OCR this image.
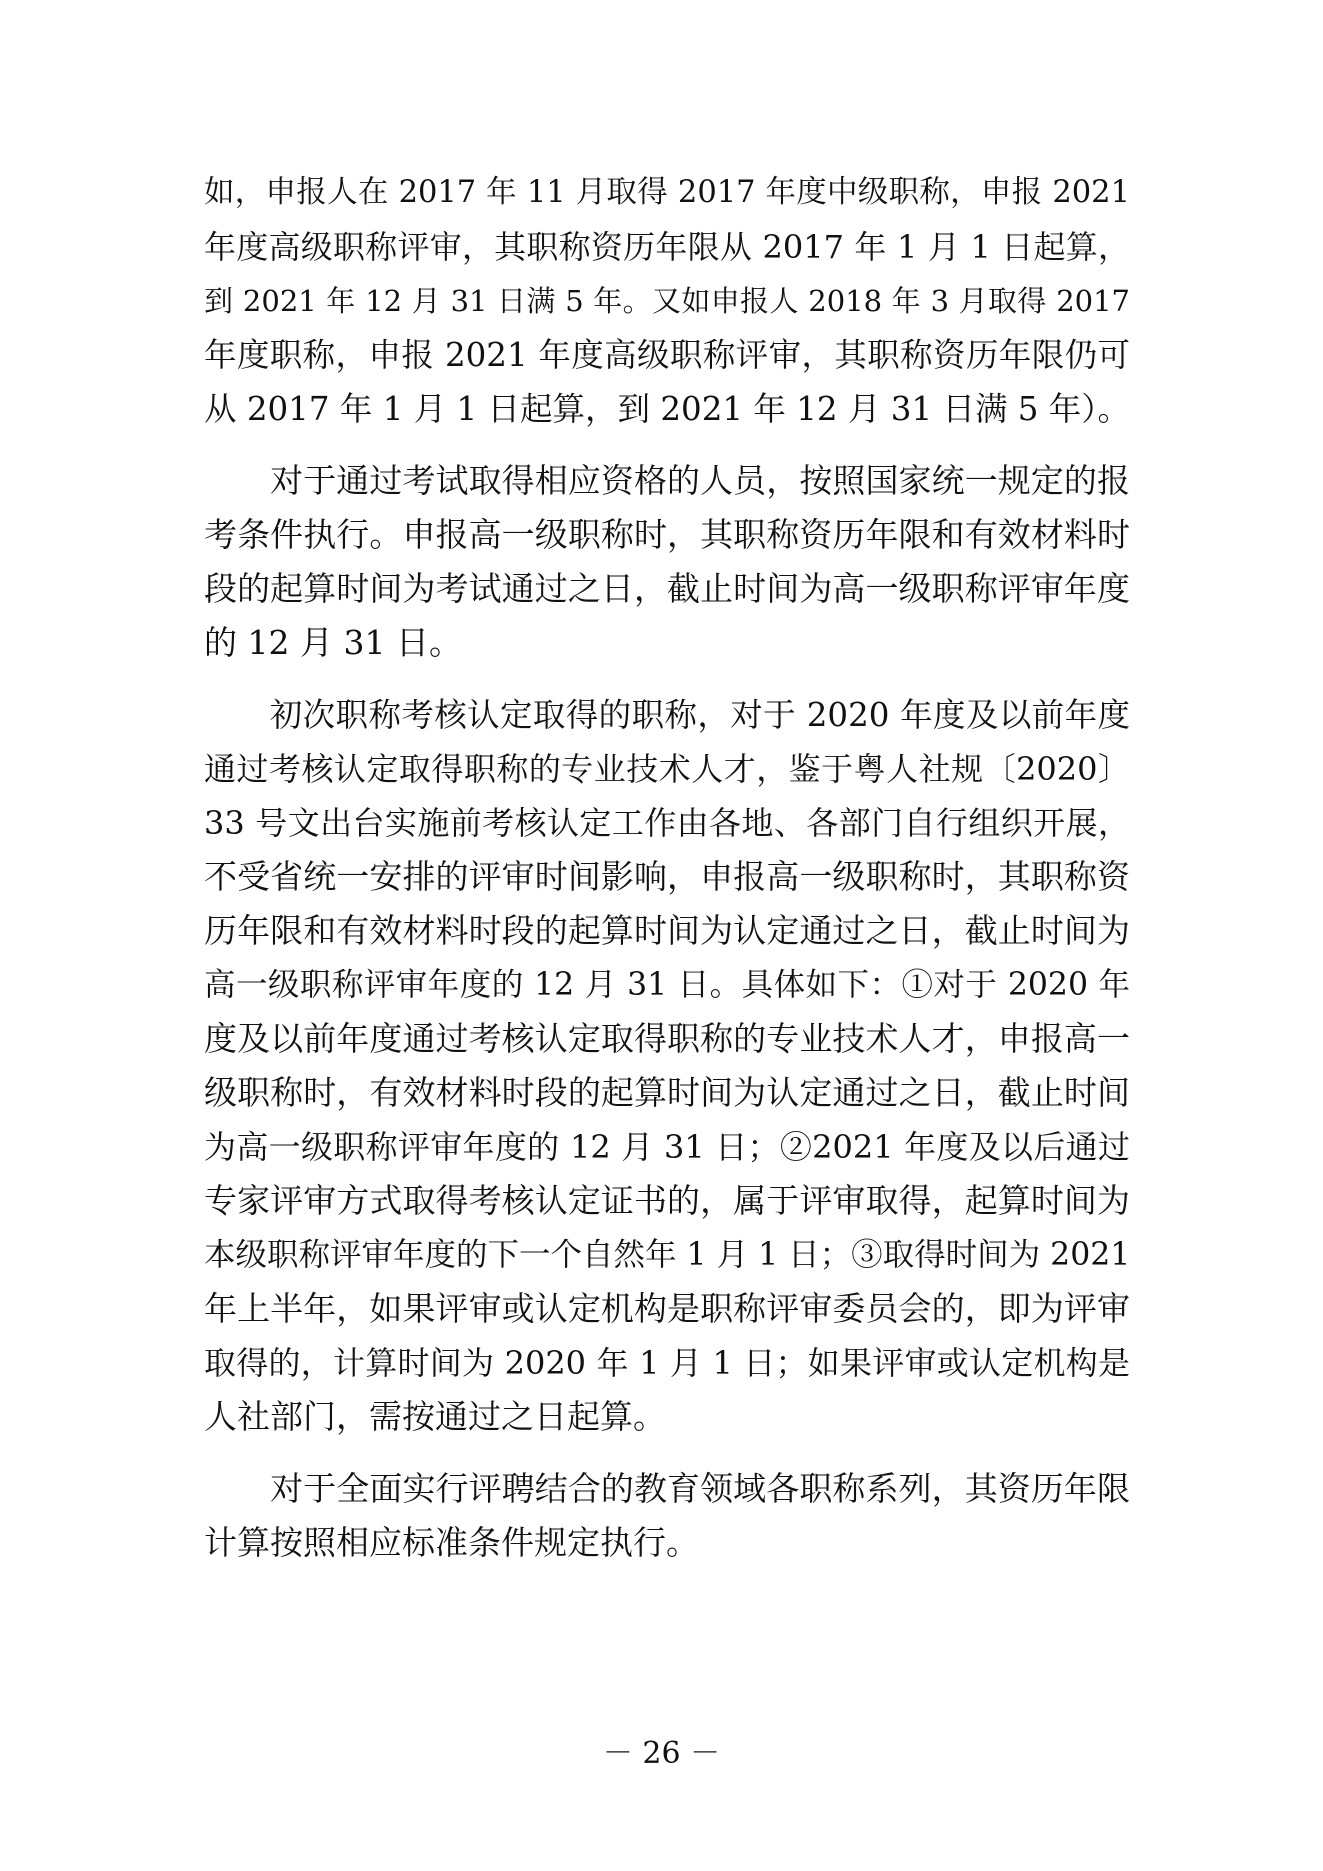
如，申报人在 2017 年 11 月取得 2017 年度中级职称，申报 2021

年度高级职称评审，其职称资历年限从 2017 年 1 月 1 日起算，

到 2021 年 12 月 31 日满 5 年。又如申报人 2018 年 3 月取得 2017

年度职称，申报 2021 年度高级职称评审，其职称资历年限仍可

从 2017 年 1 月 1 日起算，到 2021 年 12 月 31 日满 5 年）。

　　对于通过考试取得相应资格的人员，按照国家统一规定的报

考条件执行。申报高一级职称时，其职称资历年限和有效材料时

段的起算时间为考试通过之日，截止时间为高一级职称评审年度

的 12 月 31 日。

　　初次职称考核认定取得的职称，对于 2020 年度及以前年度

通过考核认定取得职称的专业技术人才，鉴于粤人社规〔2020〕

33 号文出台实施前考核认定工作由各地、各部门自行组织开展，

不受省统一安排的评审时间影响，申报高一级职称时，其职称资

历年限和有效材料时段的起算时间为认定通过之日，截止时间为

高一级职称评审年度的 12 月 31 日。具体如下：①对于 2020 年

度及以前年度通过考核认定取得职称的专业技术人才，申报高一

级职称时，有效材料时段的起算时间为认定通过之日，截止时间

为高一级职称评审年度的 12 月 31 日；②2021 年度及以后通过

专家评审方式取得考核认定证书的，属于评审取得，起算时间为

本级职称评审年度的下一个自然年 1 月 1 日；③取得时间为 2021

年上半年，如果评审或认定机构是职称评审委员会的，即为评审

取得的，计算时间为 2020 年 1 月 1 日；如果评审或认定机构是

人社部门，需按通过之日起算。

　　对于全面实行评聘结合的教育领域各职称系列，其资历年限

计算按照相应标准条件规定执行。

－ 26 －
